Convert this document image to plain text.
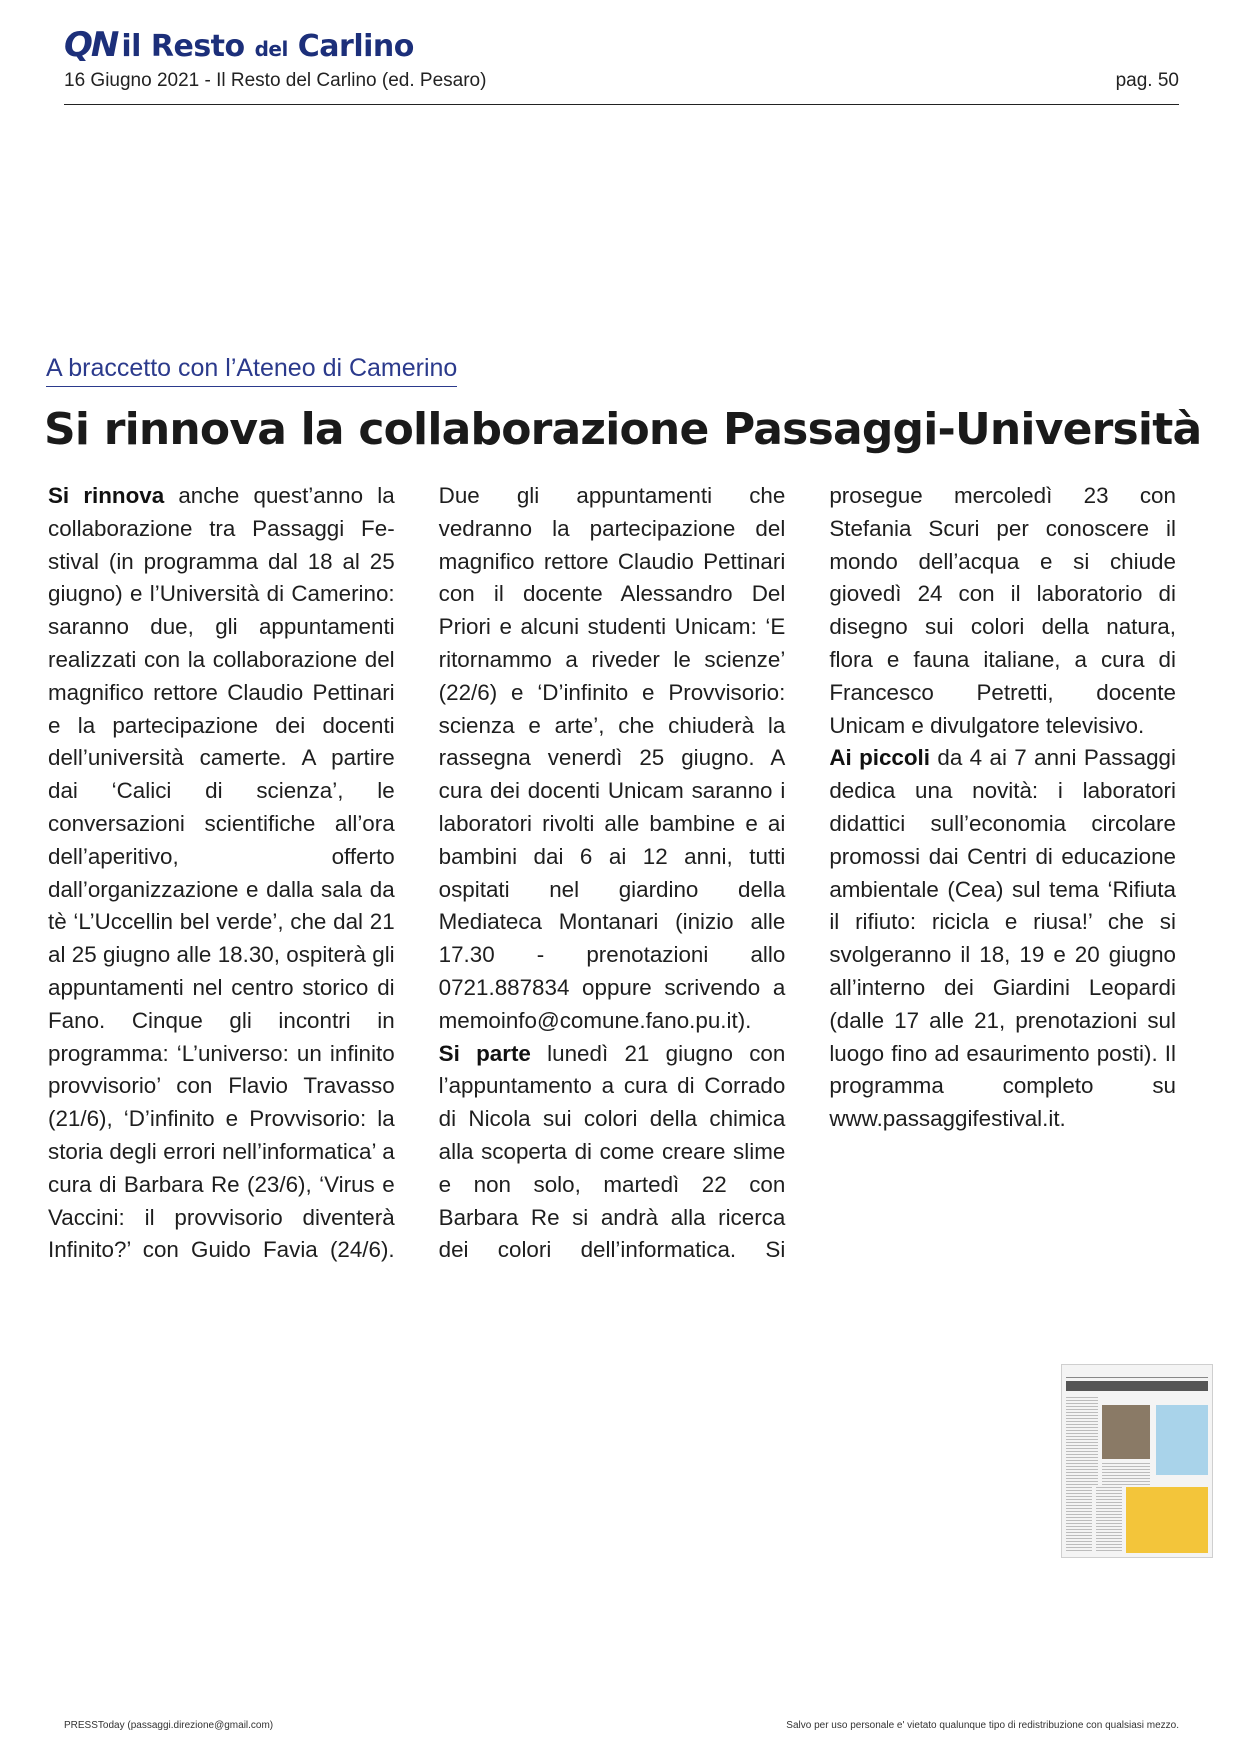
QN il Resto del Carlino
16 Giugno 2021 - Il Resto del Carlino (ed. Pesaro)	pag. 50
A braccetto con l’Ateneo di Camerino
Si rinnova la collaborazione Passaggi-Università

Si rinnova anche quest’anno la collaborazione tra Passaggi Festival (in programma dal 18 al 25 giugno) e l’Università di Camerino: saranno due, gli appuntamenti realizzati con la collaborazione del magnifico rettore Claudio Pettinari e la partecipazione dei docenti dell’università camerte. A partire dai ‘Calici di scienza’, le conversazioni scientifiche all’ora dell’aperitivo, offerto dall’organizzazione e dalla sala da tè ‘L’Uccellin bel verde’, che dal 21 al 25 giugno alle 18.30, ospiterà gli appuntamenti nel centro storico di Fano. Cinque gli incontri in programma: ‘L’universo: un infinito provvisorio’ con Flavio Travasso (21/6), ‘D’infinito e Provvisorio: la storia degli errori nell’informatica’ a cura di Barbara Re (23/6), ‘Virus e Vaccini: il provvisorio diventerà Infinito?’ con Guido Favia (24/6). Due gli appuntamenti che vedranno la partecipazione del magnifico rettore Claudio Pettinari con il docente Alessandro Del Priori e alcuni studenti Unicam: ‘E ritornammo a riveder le scienze’ (22/6) e ‘D’infinito e Provvisorio: scienza e arte’, che chiuderà la rassegna venerdì 25 giugno. A cura dei docenti Unicam saranno i laboratori rivolti alle bambine e ai bambini dai 6 ai 12 anni, tutti ospitati nel giardino della Mediateca Montanari (inizio alle 17.30 - prenotazioni allo 0721.887834 oppure scrivendo a memoinfo@comune.fano.pu.it).

Si parte lunedì 21 giugno con l’appuntamento a cura di Corrado di Nicola sui colori della chimica alla scoperta di come creare slime e non solo, martedì 22 con Barbara Re si andrà alla ricerca dei colori dell’informatica. Si prosegue mercoledì 23 con Stefania Scuri per conoscere il mondo dell’acqua e si chiude giovedì 24 con il laboratorio di disegno sui colori della natura, flora e fauna italiane, a cura di Francesco Petretti, docente Unicam e divulgatore televisivo.

Ai piccoli da 4 ai 7 anni Passaggi dedica una novità: i laboratori didattici sull’economia circolare promossi dai Centri di educazione ambientale (Cea) sul tema ‘Rifiuta il rifiuto: ricicla e riusa!’ che si svolgeranno il 18, 19 e 20 giugno all’interno dei Giardini Leopardi (dalle 17 alle 21, prenotazioni sul luogo fino ad esaurimento posti). Il programma completo su www.passaggifestival.it.

PRESSToday (passaggi.direzione@gmail.com)	Salvo per uso personale e' vietato qualunque tipo di redistribuzione con qualsiasi mezzo.
